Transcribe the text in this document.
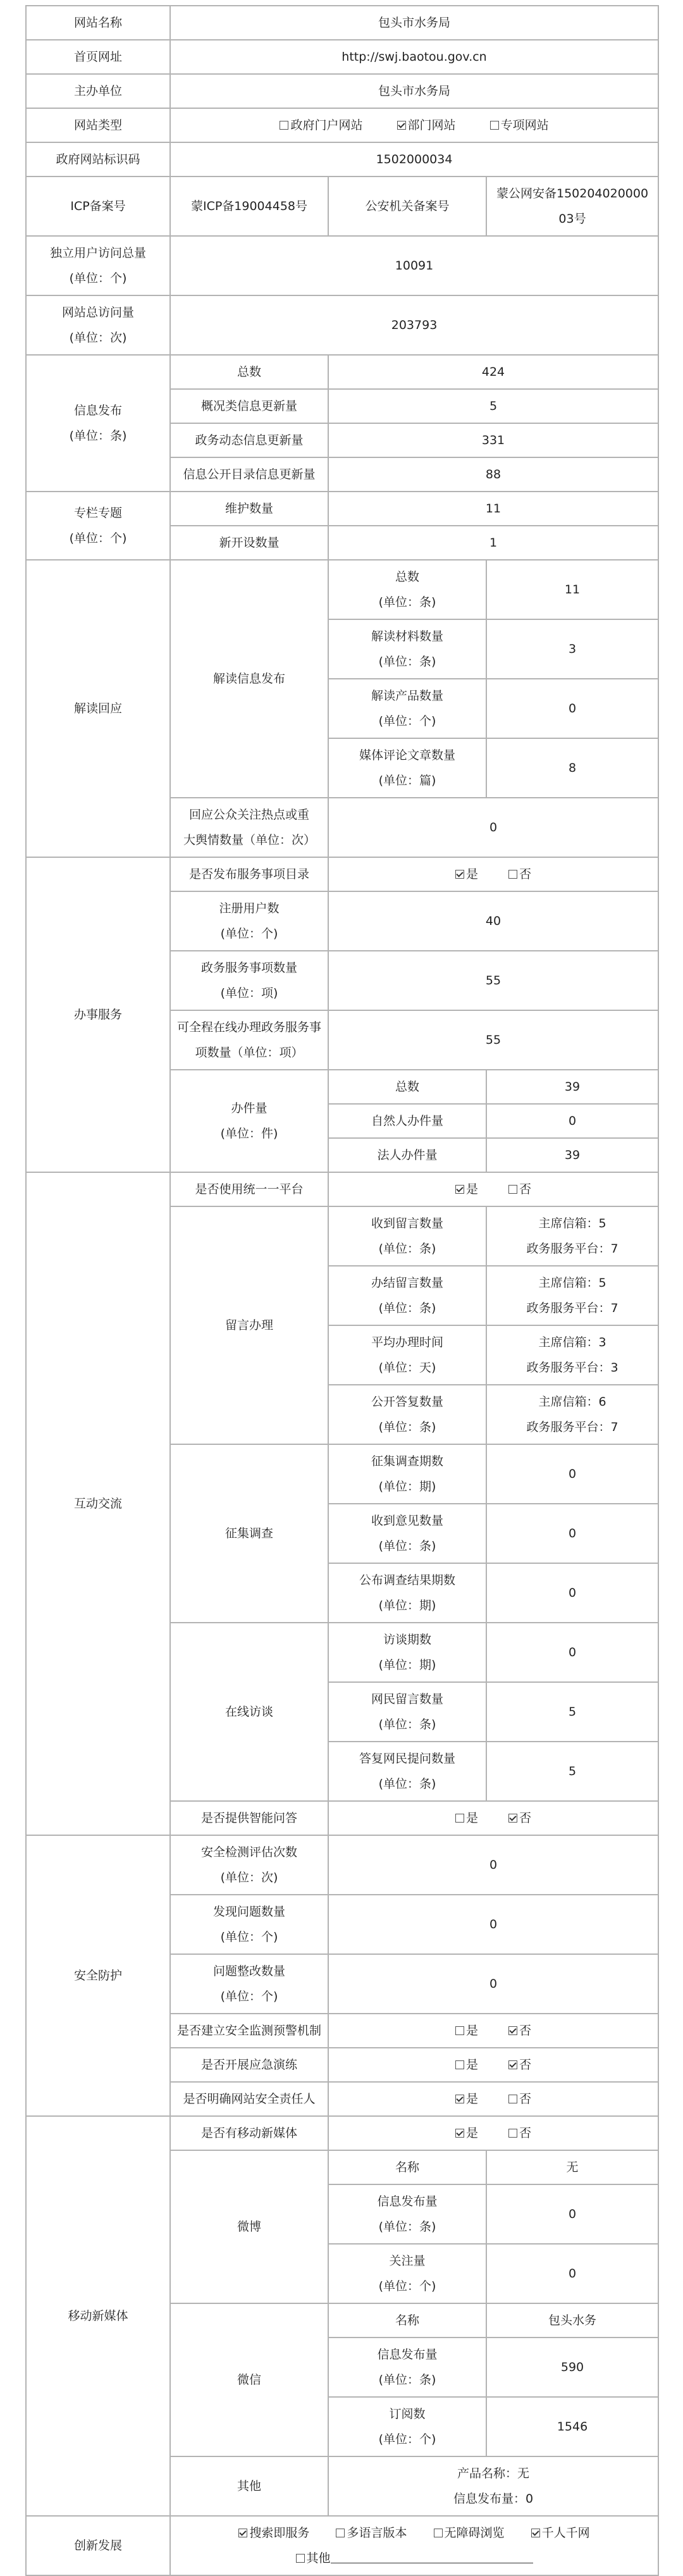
网站名称	包头市水务局		
首页网址	http://swj.baotou.gov.cn		
主办单位	包头市水务局		
网站类型	政府门户网站 部门网站 专项网站		
政府网站标识码	1502000034		
ICP备案号	蒙ICP备19004458号	公安机关备案号	蒙公网安备15020402000003号

独立用户访问总量
(单位：个)	10091		

网站总访问量
(单位：次)	203793		

信息发布
(单位：条)	总数	424	
	概况类信息更新量	5	
	政务动态信息更新量	331	
	信息公开目录信息更新量	88	

专栏专题
(单位：个)	维护数量	11	
	新开设数量	1	
解读回应	解读信息发布	总数
(单位：条)	11

		解读材料数量
(单位：条)	3

		解读产品数量
(单位：个)	0

		媒体评论文章数量
(单位：篇)	8
	回应公众关注热点或重大舆情数量（单位：次）	0	
办事服务	是否发布服务事项目录	是 否	

	注册用户数
(单位：个)	40	

	政务服务事项数量
(单位：项)	55	
	可全程在线办理政务服务事项数量（单位：项）	55	

	办件量
(单位：件)	总数	39
		自然人办件量	0
		法人办件量	39
互动交流	是否使用统一一平台	是 否	
	留言办理	收到留言数量
(单位：条)	主席信箱：5
政务服务平台：7

		办结留言数量
(单位：条)	主席信箱：5
政务服务平台：7

		平均办理时间
(单位：天)	主席信箱：3
政务服务平台：3

		公开答复数量
(单位：条)	主席信箱：6
政务服务平台：7

	征集调查	征集调查期数
(单位：期)	0

		收到意见数量
(单位：条)	0

		公布调查结果期数
(单位：期)	0
	在线访谈	访谈期数
(单位：期)	0

		网民留言数量
(单位：条)	5

		答复网民提问数量
(单位：条)	5
	是否提供智能问答	是 否	
安全防护	安全检测评估次数
(单位：次)	0	

	发现问题数量
(单位：个)	0	

	问题整改数量
(单位：个)	0	
	是否建立安全监测预警机制	是 否	
	是否开展应急演练	是 否	
	是否明确网站安全责任人	是 否	
移动新媒体	是否有移动新媒体	是 否	
	微博	名称	无

		信息发布量
(单位：条)	0

		关注量
(单位：个)	0
	微信	名称	包头水务

		信息发布量
(单位：条)	590

		订阅数
(单位：个)	1546
	其他	产品名称：无
信息发布量：0	

创新发展	搜索即服务 多语言版本 无障碍浏览 千人千网
其他		
